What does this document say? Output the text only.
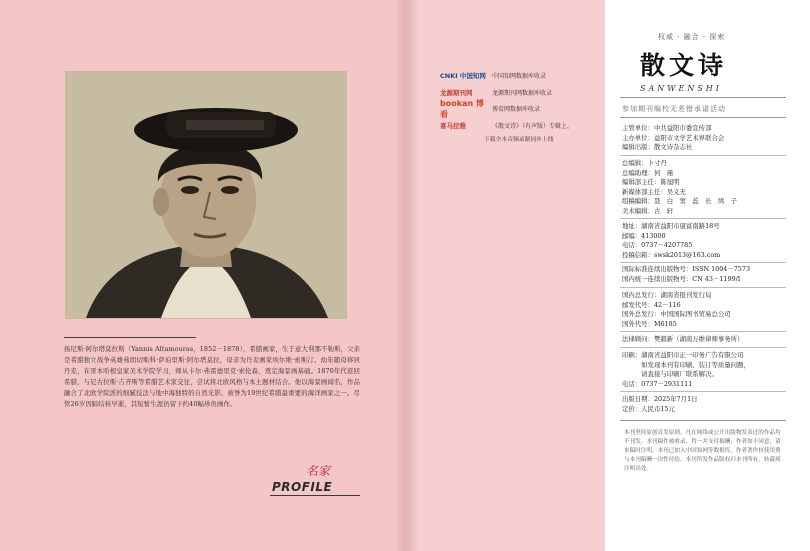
扬尼斯·阿尔塔莫拉斯（Yannis Altamouras，1852－1878），希腊画家，生于意大利那不勒斯，父亲是希腊独立战争英雄弗朗切斯科·萨珀里斯·阿尔塔莫拉，母亲为丹麦画家埃尔维·索斯汀。幼年随母移居丹麦，在哥本哈根皇家美术学院学习，师从卡尔·弗雷德里克·索伦森，奠定海景画基础。1870年代返回希腊，与尼古拉斯·吉齐斯等希腊艺术家交往，尝试将北欧风格与本土题材结合。他以海景画闻名，作品融合了北欧学院派的细腻技法与地中海独特的自然光影，被誉为19世纪希腊最重要的海洋画家之一。尽管26岁因肺结核早逝，其短暂生涯仍留下约40幅珍贵画作。
名家
PROFILE
CNKI 中国知网 中国知网数据库收录
龙源期刊网	龙源期刊网数据库收录
bookan 博看	博看网数据库收录
喜马拉雅	《散文诗》（有声版）专辑上，
下载全本音频录制同步上线
权威 · 融合 · 探索
散文诗
SANWENSHI
参加期刊编校无差错承诺活动
主管单位：中共益阳市委宣传部
主办单位：益阳市文学艺术界联合会
编辑出版：散文诗杂志社
总编辑：卜寸丹
总编助理：何　瑾
编辑部主任：陈旭明
新媒体部主任：吴义无
组稿编辑：聂　白　窦　蕊　长　鸠　子
美术编辑：古　轩
地址：湖南省益阳市康富南路18号
邮编：413000
电话：0737－4207785
投稿信箱：swsk2013@163.com
国际标准连续出版物号：ISSN 1004－7573
国内统一连续出版物号：CN 43－1199/I
国内总发行：湖南省报刊发行局
邮发代号：42－116
国外总发行：中国国际图书贸易总公司
国外代号：M6185
法律顾问：樊毅新（湖南万维律师事务所）
印刷：湖南省益阳市正一印务广告有限公司
　　　如发现本刊有印刷、装订等质量问题，
　　　请直接与印刷厂联系解决。
电话：0737－2931111
出版日期：2025年7月1日
定价：人民币15元
本刊坚持原创首发原则，凡在网络或公开出版物发表过的作品均不刊发。本刊稿件被收录，将一并支付稿酬；作者如不同意，请来稿时注明。本刊已加入中国知网等数据库，作者著作权使用费与本刊稿酬一次性付给。本刊所发作品版权归本刊所有，转载须注明出处。
